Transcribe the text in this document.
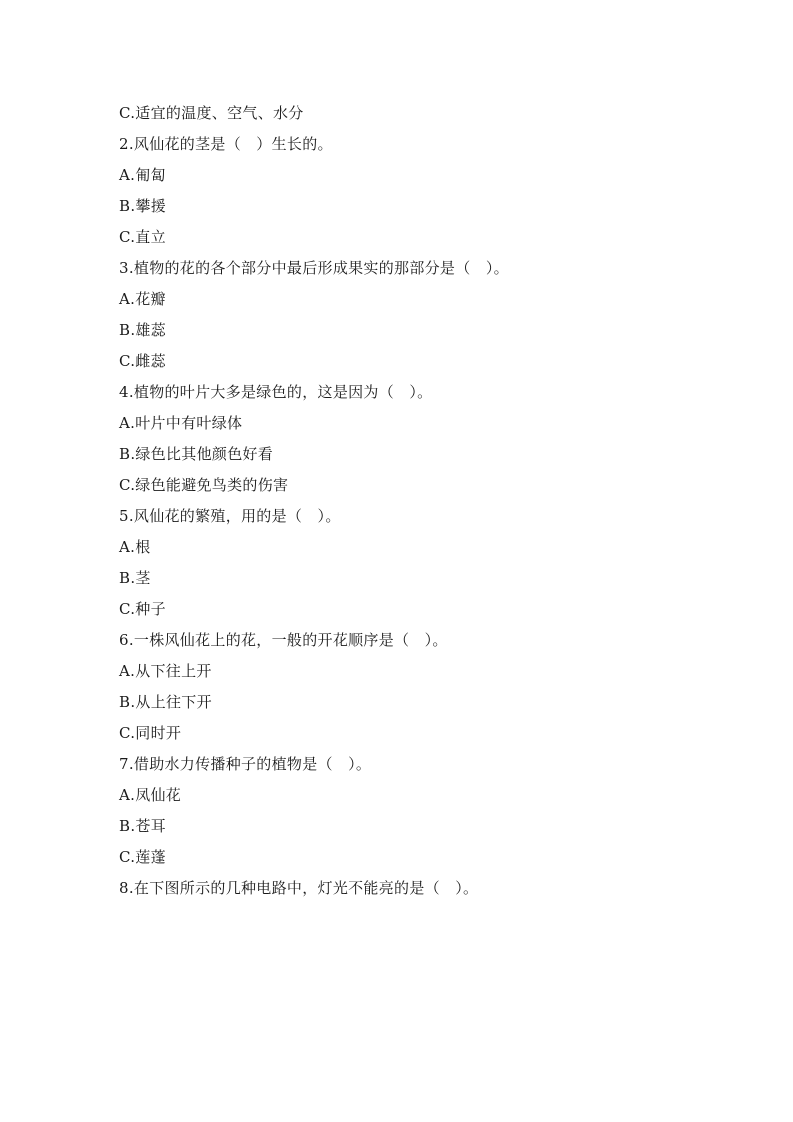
C.适宜的温度、空气、水分
2.风仙花的茎是（　）生长的。
A.匍匐
B.攀援
C.直立
3.植物的花的各个部分中最后形成果实的那部分是（　）。
A.花瓣
B.雄蕊
C.雌蕊
4.植物的叶片大多是绿色的，这是因为（　）。
A.叶片中有叶绿体
B.绿色比其他颜色好看
C.绿色能避免鸟类的伤害
5.风仙花的繁殖，用的是（　）。
A.根
B.茎
C.种子
6.一株风仙花上的花，一般的开花顺序是（　）。
A.从下往上开
B.从上往下开
C.同时开
7.借助水力传播种子的植物是（　）。
A.凤仙花
B.苍耳
C.莲蓬
8.在下图所示的几种电路中，灯光不能亮的是（　）。
